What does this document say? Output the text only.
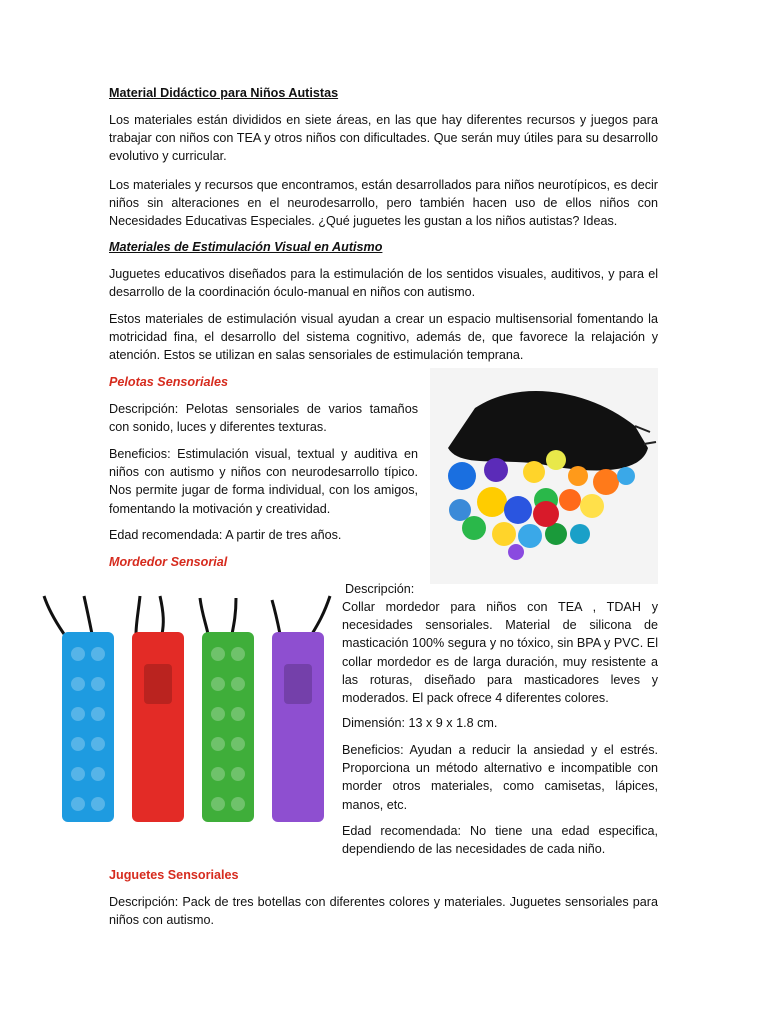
Material Didáctico para Niños Autistas

Los materiales están divididos en siete áreas, en las que hay diferentes recursos y juegos para trabajar con niños con TEA y otros niños con dificultades. Que serán muy útiles para su desarrollo evolutivo y curricular.

Los materiales y recursos que encontramos, están desarrollados para niños neurotípicos, es decir niños sin alteraciones en el neurodesarrollo, pero también hacen uso de ellos niños con Necesidades Educativas Especiales. ¿Qué juguetes les gustan a los niños autistas? Ideas.

Materiales de Estimulación Visual en Autismo

Juguetes educativos diseñados para la estimulación de los sentidos visuales, auditivos, y para el desarrollo de la coordinación óculo-manual en niños con autismo.

Estos materiales de estimulación visual ayudan a crear un espacio multisensorial fomentando la motricidad fina, el desarrollo del sistema cognitivo, además de, que favorece la relajación y atención. Estos se utilizan en salas sensoriales de estimulación temprana.

Pelotas Sensoriales

Descripción: Pelotas sensoriales de varios tamaños con sonido, luces y diferentes texturas.

Beneficios: Estimulación visual, textual y auditiva en niños con autismo y niños con neurodesarrollo típico. Nos permite jugar de forma individual, con los amigos, fomentando la motivación y creatividad.

Edad recomendada: A partir de tres años.

Mordedor Sensorial

Descripción:

Collar mordedor para niños con TEA , TDAH y necesidades sensoriales. Material de silicona de masticación 100% segura y no tóxico, sin BPA y PVC. El collar mordedor es de larga duración, muy resistente a las roturas, diseñado para masticadores leves y moderados. El pack ofrece 4 diferentes colores.

Dimensión: 13 x 9 x 1.8 cm.

Beneficios: Ayudan a reducir la ansiedad y el estrés. Proporciona un método alternativo e incompatible con morder otros materiales, como camisetas, lápices, manos, etc.

Edad recomendada: No tiene una edad especifica, dependiendo de las necesidades de cada niño.

Juguetes Sensoriales

Descripción: Pack de tres botellas con diferentes colores y materiales. Juguetes sensoriales para niños con autismo.
